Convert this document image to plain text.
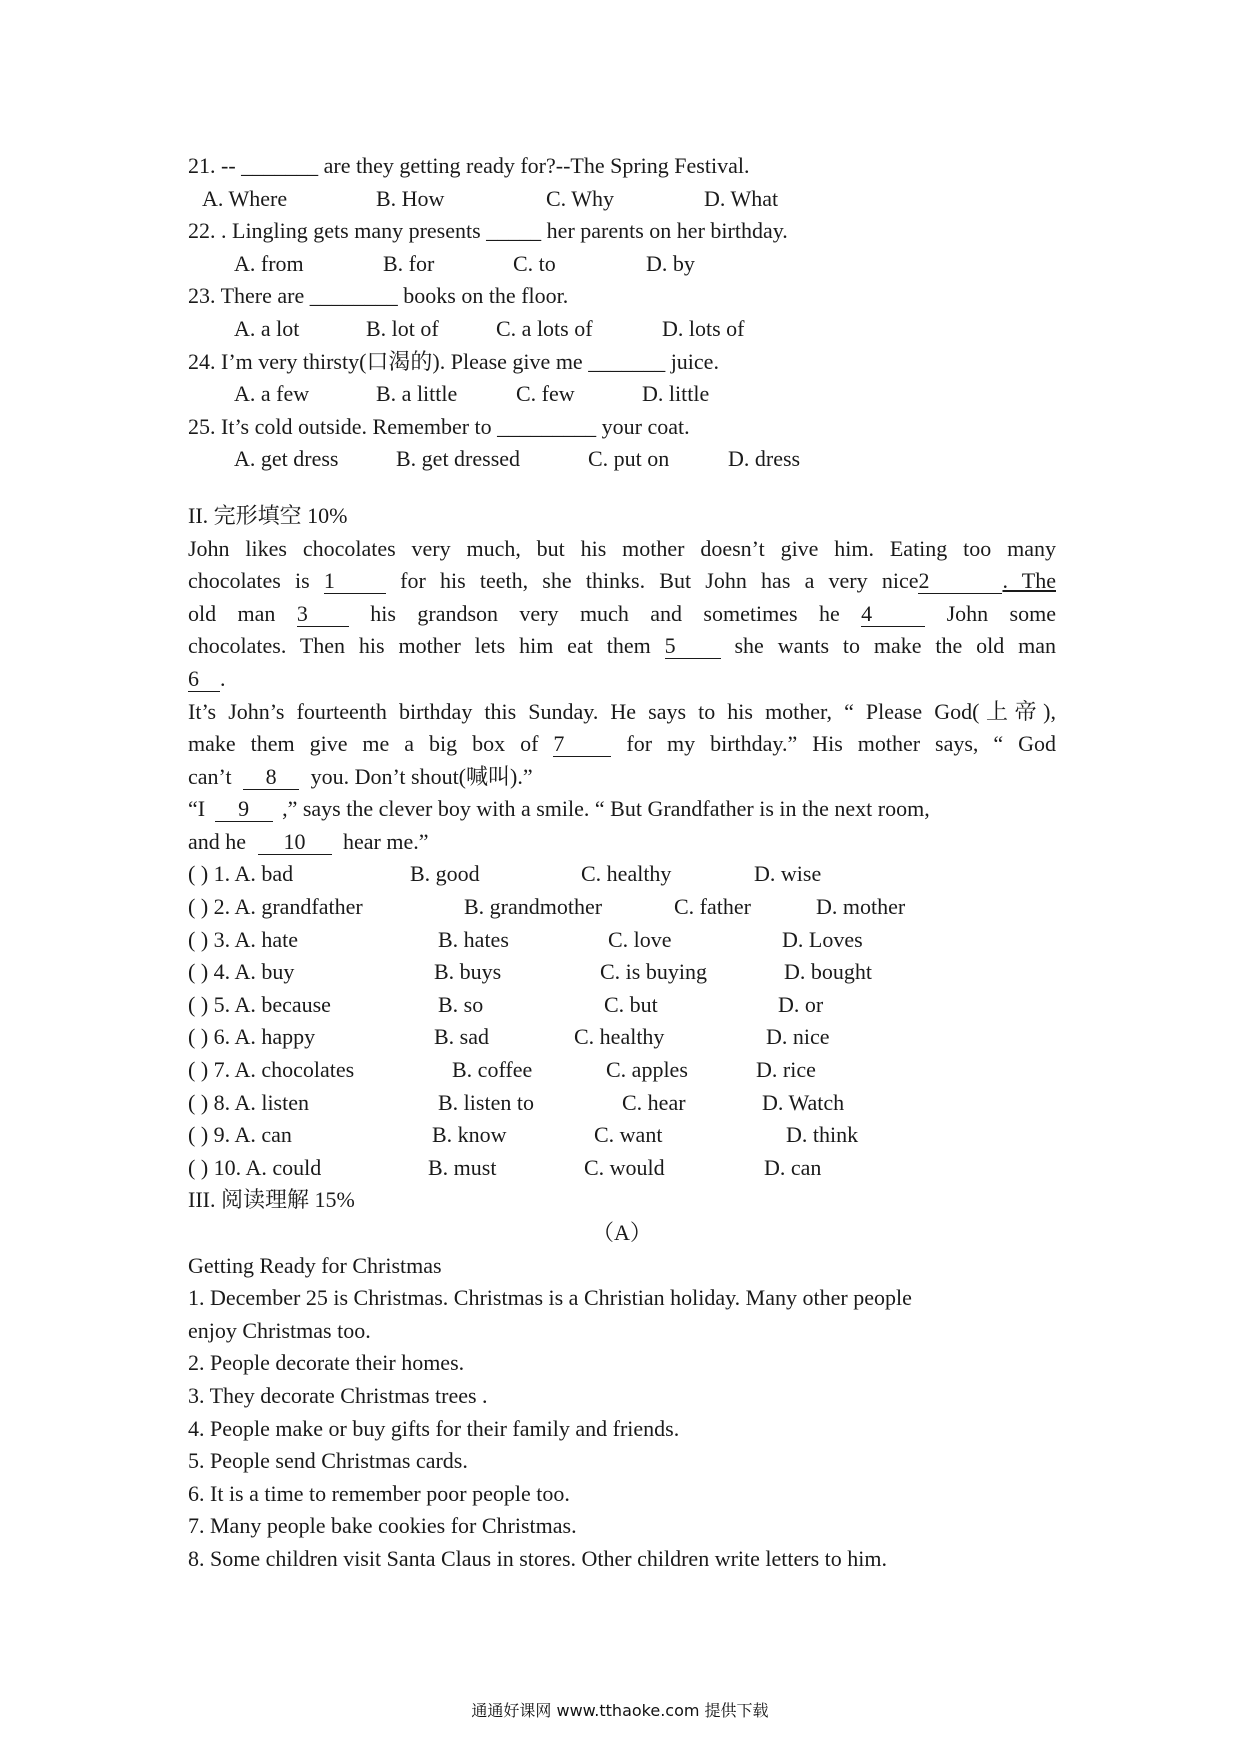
21. -- _______ are they getting ready for?--The Spring Festival.
A. Where	B. How	C. Why	D. What
22. . Lingling gets many presents _____ her parents on her birthday.
A. from	B. for	C. to	D. by
23. There are ________ books on the floor.
A. a lot	B. lot of	C. a lots of	D. lots of
24. I’m very thirsty(口渴的). Please give me _______ juice.
A. a few	B. a little	C. few	D. little
25. It’s cold outside. Remember to _________ your coat.
A. get dress	B. get dressed	C. put on	D. dress
II. 完形填空 10%
John likes chocolates very much, but his mother doesn’t give him. Eating too many
chocolates is 1	for his teeth, she thinks. But John has a very nice2	. The
old man 3	his grandson very much and sometimes he 4	John some
chocolates. Then his mother lets him eat them 5	she wants to make the old man
6 .
It’s John’s fourteenth birthday this Sunday. He says to his mother, “ Please God(上帝),
make them give me a big box of 7	for my birthday.” His mother says, “ God
can’t 8 you. Don’t shout(喊叫).”
“I 9 ,” says the clever boy with a smile. “ But Grandfather is in the next room,
and he 10 hear me.”
( ) 1. A. bad	B. good	C. healthy	D. wise
( ) 2. A. grandfather	B. grandmother	C. father	D. mother
( ) 3. A. hate	B. hates	C. love	D. Loves
( ) 4. A. buy	B. buys	C. is buying	D. bought
( ) 5. A. because	B. so	C. but	D. or
( ) 6. A. happy	B. sad	C. healthy	D. nice
( ) 7. A. chocolates	B. coffee	C. apples	D. rice
( ) 8. A. listen	B. listen to	C. hear	D. Watch
( ) 9. A. can	B. know	C. want	D. think
( ) 10. A. could	B. must	C. would	D. can
III. 阅读理解 15%
（A）
Getting Ready for Christmas
1. December 25 is Christmas. Christmas is a Christian holiday. Many other people
enjoy Christmas too.
2. People decorate their homes.
3. They decorate Christmas trees .
4. People make or buy gifts for their family and friends.
5. People send Christmas cards.
6. It is a time to remember poor people too.
7. Many people bake cookies for Christmas.
8. Some children visit Santa Claus in stores. Other children write letters to him.
通通好课网 www.tthaoke.com 提供下载
